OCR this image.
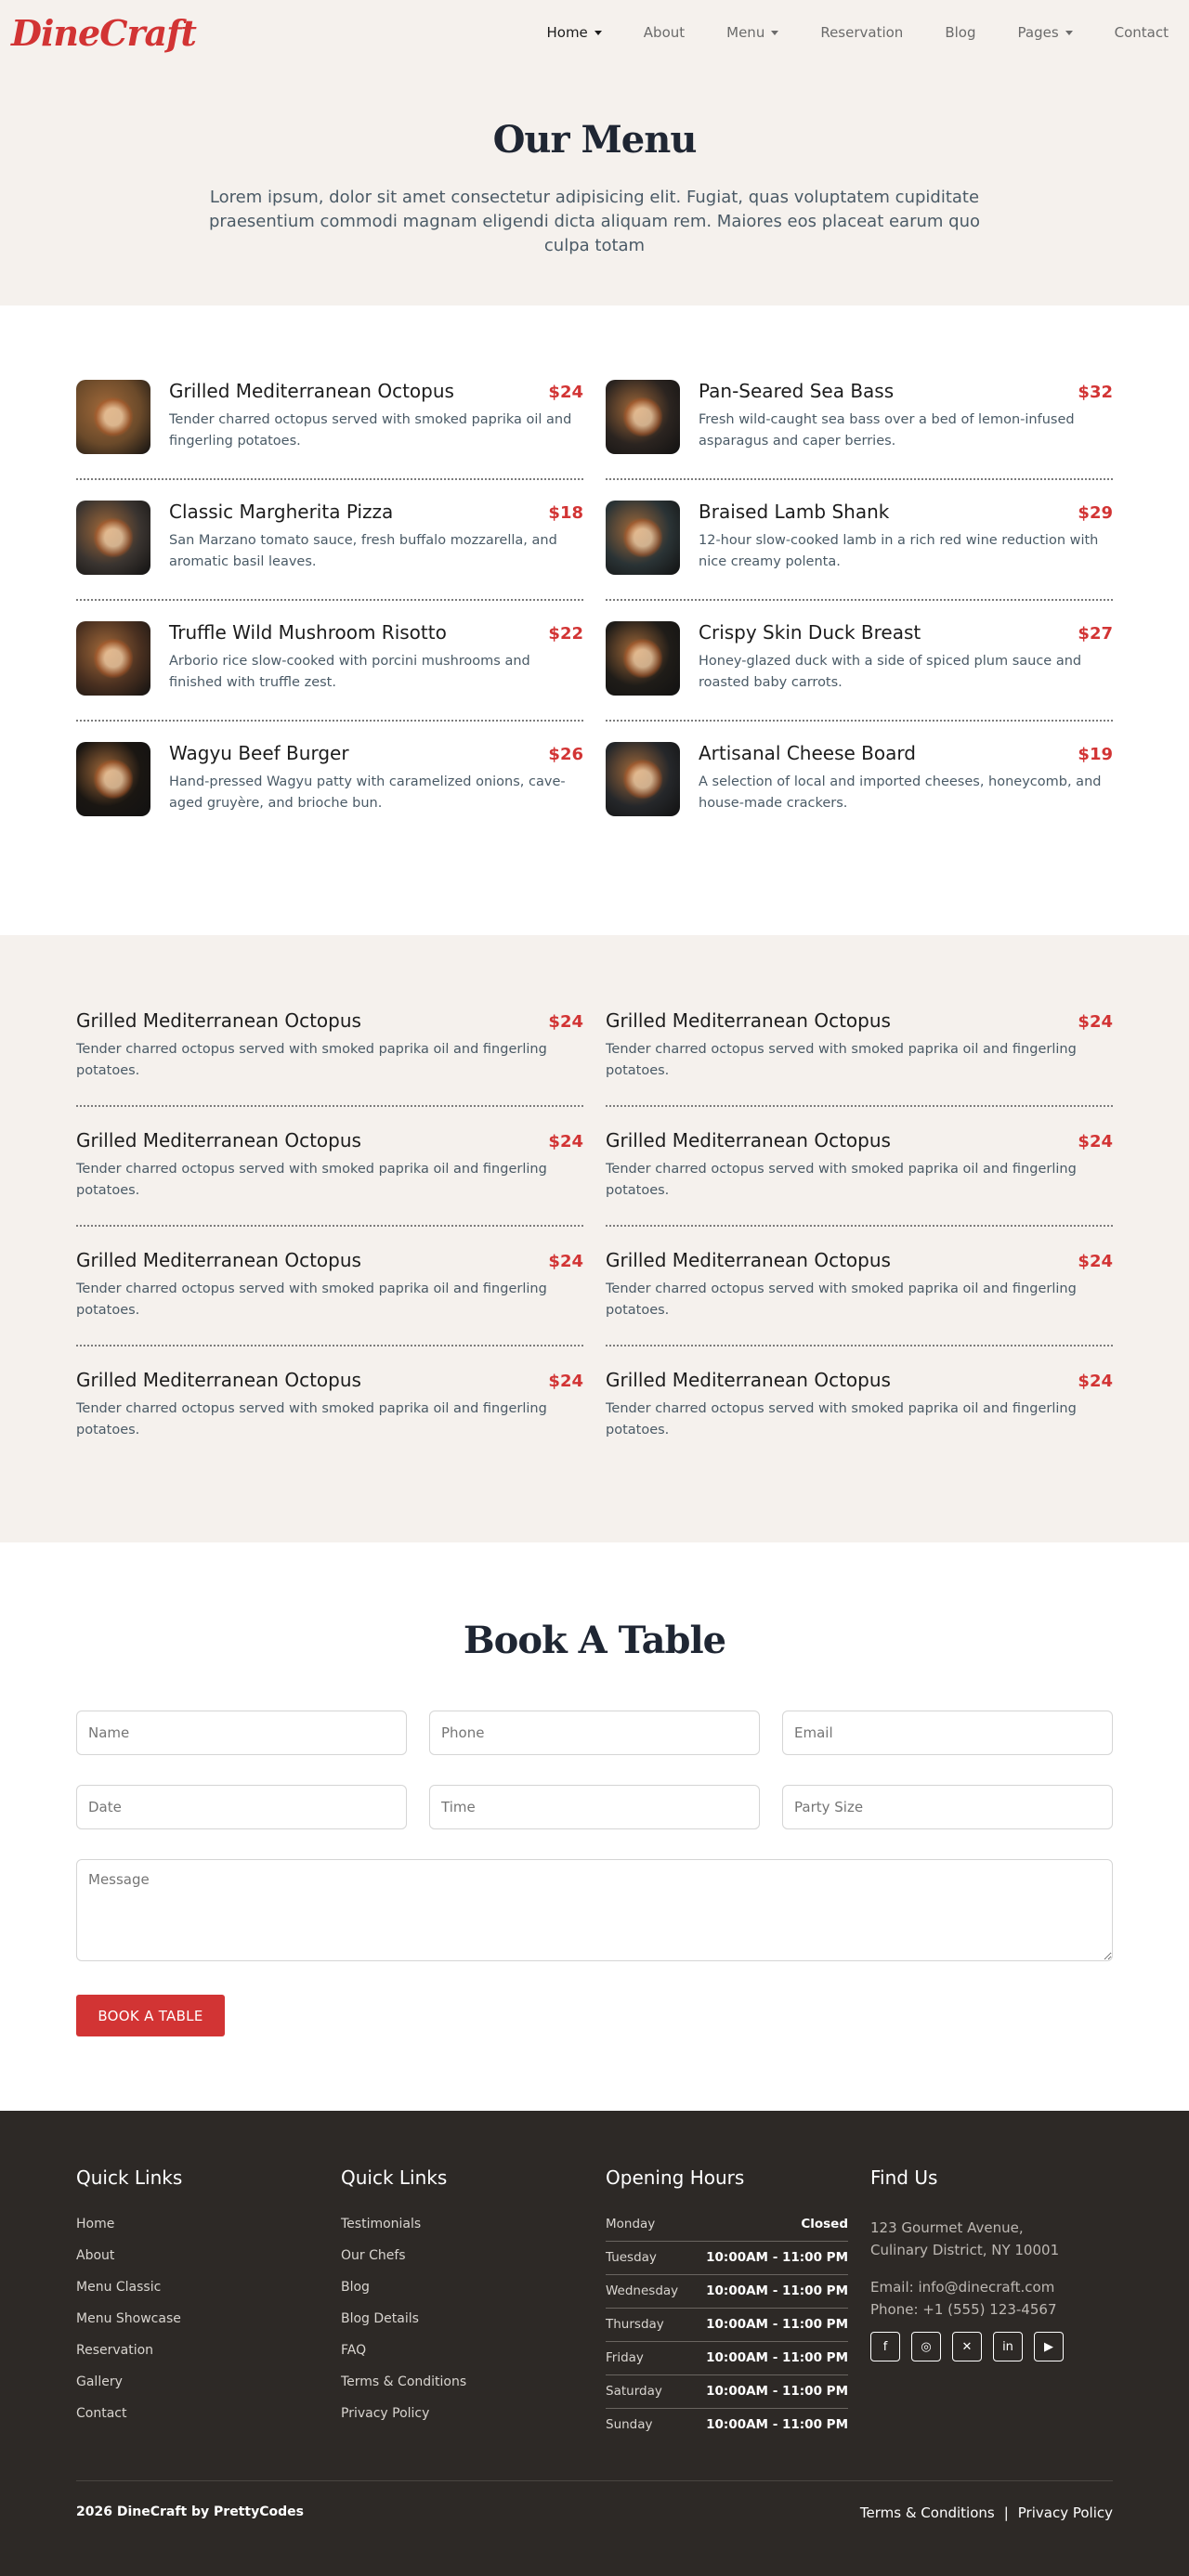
DineCraft	Home	About	Menu	Reservation	Blog	Pages	Contact
Our Menu

Lorem ipsum, dolor sit amet consectetur adipisicing elit. Fugiat, quas voluptatem cupiditate praesentium commodi magnam eligendi dicta aliquam rem. Maiores eos placeat earum quo culpa totam

Grilled Mediterranean Octopus	$24
Tender charred octopus served with smoked paprika oil and fingerling potatoes.
Pan-Seared Sea Bass	$32
Fresh wild-caught sea bass over a bed of lemon-infused asparagus and caper berries.
Classic Margherita Pizza	$18
San Marzano tomato sauce, fresh buffalo mozzarella, and aromatic basil leaves.
Braised Lamb Shank	$29
12-hour slow-cooked lamb in a rich red wine reduction with nice creamy polenta.
Truffle Wild Mushroom Risotto	$22
Arborio rice slow-cooked with porcini mushrooms and finished with truffle zest.
Crispy Skin Duck Breast	$27
Honey-glazed duck with a side of spiced plum sauce and roasted baby carrots.
Wagyu Beef Burger	$26
Hand-pressed Wagyu patty with caramelized onions, cave-aged gruyère, and brioche bun.
Artisanal Cheese Board	$19
A selection of local and imported cheeses, honeycomb, and house-made crackers.
Grilled Mediterranean Octopus	$24
Tender charred octopus served with smoked paprika oil and fingerling potatoes.
Grilled Mediterranean Octopus	$24
Tender charred octopus served with smoked paprika oil and fingerling potatoes.
Grilled Mediterranean Octopus	$24
Tender charred octopus served with smoked paprika oil and fingerling potatoes.
Grilled Mediterranean Octopus	$24
Tender charred octopus served with smoked paprika oil and fingerling potatoes.
Grilled Mediterranean Octopus	$24
Tender charred octopus served with smoked paprika oil and fingerling potatoes.
Grilled Mediterranean Octopus	$24
Tender charred octopus served with smoked paprika oil and fingerling potatoes.
Grilled Mediterranean Octopus	$24
Tender charred octopus served with smoked paprika oil and fingerling potatoes.
Grilled Mediterranean Octopus	$24
Tender charred octopus served with smoked paprika oil and fingerling potatoes.
Book A Table
Name
Phone
Email
Date
Time
Party Size
Message BOOK A TABLE
Quick Links
Home
About
Menu Classic
Menu Showcase
Reservation
Gallery
Contact
Quick Links
Testimonials
Our Chefs
Blog
Blog Details
FAQ
Terms & Conditions
Privacy Policy
Opening Hours
Monday	Closed
Tuesday	10:00AM - 11:00 PM
Wednesday 10:00AM - 11:00 PM
Thursday	10:00AM - 11:00 PM
Friday	10:00AM - 11:00 PM
Saturday	10:00AM - 11:00 PM
Sunday	10:00AM - 11:00 PM
Find Us
123 Gourmet Avenue,
Culinary District, NY 10001
Email: info@dinecraft.com
Phone: +1 (555) 123-4567
f	◎	✕	in	▶
2026 DineCraft by PrettyCodes	Terms & Conditions | Privacy Policy
